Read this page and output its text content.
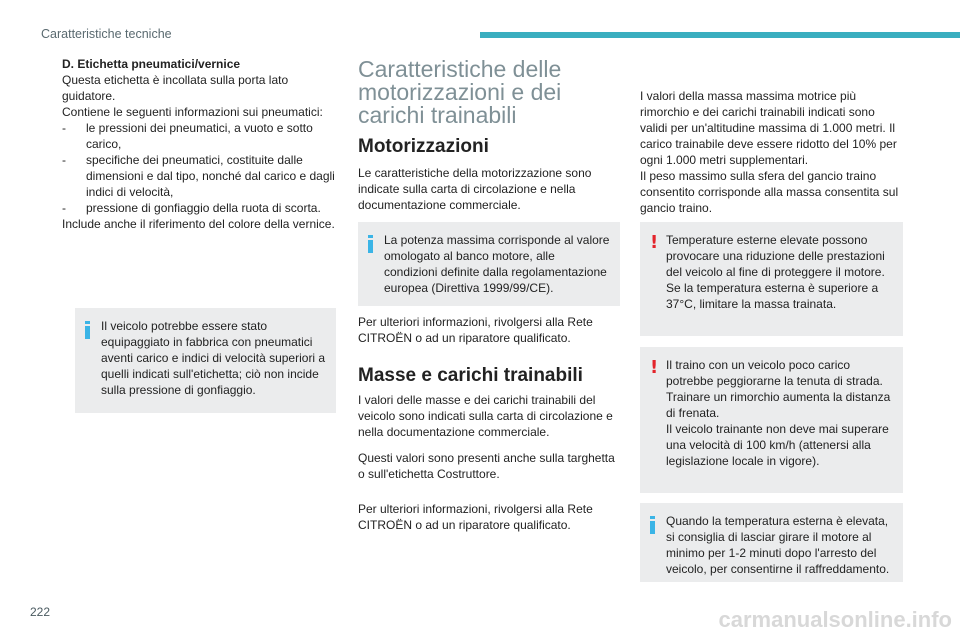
Caratteristiche tecniche

D. Etichetta pneumatici/vernice

Questa etichetta è incollata sulla porta lato guidatore.

Contiene le seguenti informazioni sui pneumatici:

- le pressioni dei pneumatici, a vuoto e sotto carico,

- specifiche dei pneumatici, costituite dalle dimensioni e dal tipo, nonché dal carico e dagli indici di velocità,

- pressione di gonfiaggio della ruota di scorta.

Include anche il riferimento del colore della vernice.

Il veicolo potrebbe essere stato equipaggiato in fabbrica con pneumatici aventi carico e indici di velocità superiori a quelli indicati sull'etichetta; ciò non incide sulla pressione di gonfiaggio.

Caratteristiche delle motorizzazioni e dei carichi trainabili

Motorizzazioni

Le caratteristiche della motorizzazione sono indicate sulla carta di circolazione e nella documentazione commerciale.

La potenza massima corrisponde al valore omologato al banco motore, alle condizioni definite dalla regolamentazione europea (Direttiva 1999/99/CE).

Per ulteriori informazioni, rivolgersi alla Rete CITROËN o ad un riparatore qualificato.

Masse e carichi trainabili

I valori delle masse e dei carichi trainabili del veicolo sono indicati sulla carta di circolazione e nella documentazione commerciale.

Questi valori sono presenti anche sulla targhetta o sull'etichetta Costruttore.

Per ulteriori informazioni, rivolgersi alla Rete CITROËN o ad un riparatore qualificato.

I valori della massa massima motrice più rimorchio e dei carichi trainabili indicati sono validi per un'altitudine massima di 1.000 metri. Il carico trainabile deve essere ridotto del 10% per ogni 1.000 metri supplementari.

Il peso massimo sulla sfera del gancio traino consentito corrisponde alla massa consentita sul gancio traino.

! Temperature esterne elevate possono provocare una riduzione delle prestazioni del veicolo al fine di proteggere il motore. Se la temperatura esterna è superiore a 37°C, limitare la massa trainata.

! Il traino con un veicolo poco carico potrebbe peggiorarne la tenuta di strada.

Trainare un rimorchio aumenta la distanza di frenata.

Il veicolo trainante non deve mai superare una velocità di 100 km/h (attenersi alla legislazione locale in vigore).

Quando la temperatura esterna è elevata, si consiglia di lasciar girare il motore al minimo per 1-2 minuti dopo l'arresto del veicolo, per consentirne il raffreddamento.

222	carmanualsonline.info
